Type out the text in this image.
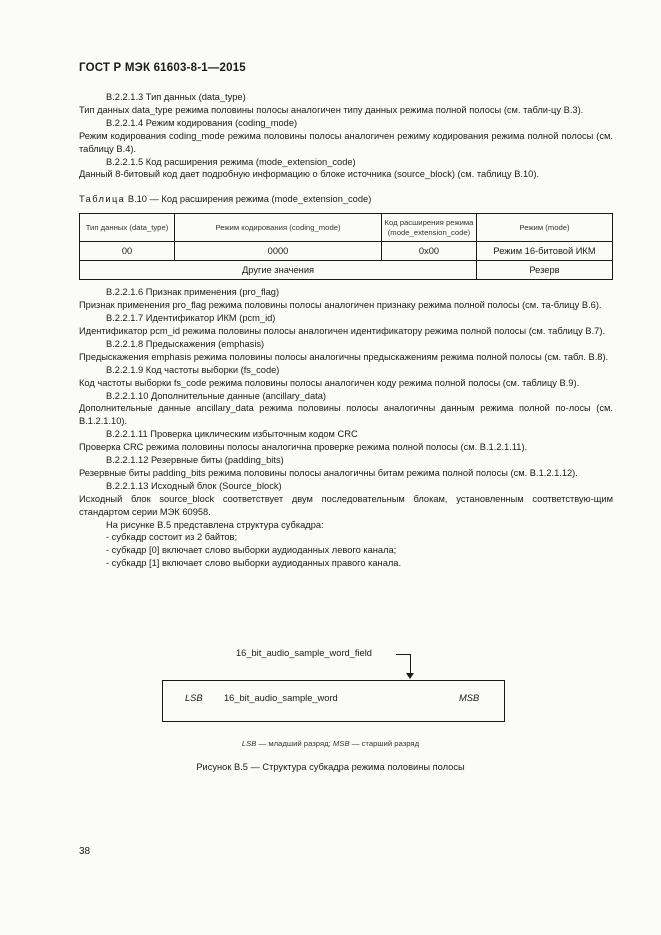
ГОСТ Р МЭК 61603-8-1—2015

B.2.2.1.3 Тип данных (data_type)

Тип данных data_type режима половины полосы аналогичен типу данных режима полной полосы (см. табли-цу B.3).

B.2.2.1.4 Режим кодирования (coding_mode)

Режим кодирования coding_mode режима половины полосы аналогичен режиму кодирования режима полной полосы (см. таблицу B.4).

B.2.2.1.5 Код расширения режима (mode_extension_code)

Данный 8-битовый код дает подробную информацию о блоке источника (source_block) (см. таблицу B.10).

Таблица B.10 — Код расширения режима (mode_extension_code)

Тип данных (data_type)	Режим кодирования (coding_mode)	Код расширения режима (mode_extension_code)	Режим (mode)
00	0000	0x00	Режим 16-битовой ИКМ
Другие значения			Резерв

B.2.2.1.6 Признак применения (pro_flag)

Признак применения pro_flag режима половины полосы аналогичен признаку режима полной полосы (см. та-блицу B.6).

B.2.2.1.7 Идентификатор ИКМ (pcm_id)

Идентификатор pcm_id режима половины полосы аналогичен идентификатору режима полной полосы (см. таблицу B.7).

B.2.2.1.8 Предыскажения (emphasis)

Предыскажения emphasis режима половины полосы аналогичны предыскажениям режима полной полосы (см. табл. B.8).

B.2.2.1.9 Код частоты выборки (fs_code)

Код частоты выборки fs_code режима половины полосы аналогичен коду режима полной полосы (см. таблицу B.9).

B.2.2.1.10 Дополнительные данные (ancillary_data)

Дополнительные данные ancillary_data режима половины полосы аналогичны данным режима полной по-лосы (см. B.1.2.1.10).

B.2.2.1.11 Проверка циклическим избыточным кодом CRC

Проверка CRC режима половины полосы аналогична проверке режима полной полосы (см. B.1.2.1.11).

B.2.2.1.12 Резервные биты (padding_bits)

Резервные биты padding_bits режима половины полосы аналогичны битам режима полной полосы (см. B.1.2.1.12).

B.2.2.1.13 Исходный блок (Source_block)

Исходный блок source_block соответствует двум последовательным блокам, установленным соответствую-щим стандартом серии МЭК 60958.

На рисунке B.5 представлена структура субкадра:

- субкадр состоит из 2 байтов;

- субкадр [0] включает слово выборки аудиоданных левого канала;

- субкадр [1] включает слово выборки аудиоданных правого канала.

16_bit_audio_sample_word_field
LSB 16_bit_audio_sample_word	MSB
LSB — младший разряд; MSB — старший разряд
Рисунок B.5 — Структура субкадра режима половины полосы
38
